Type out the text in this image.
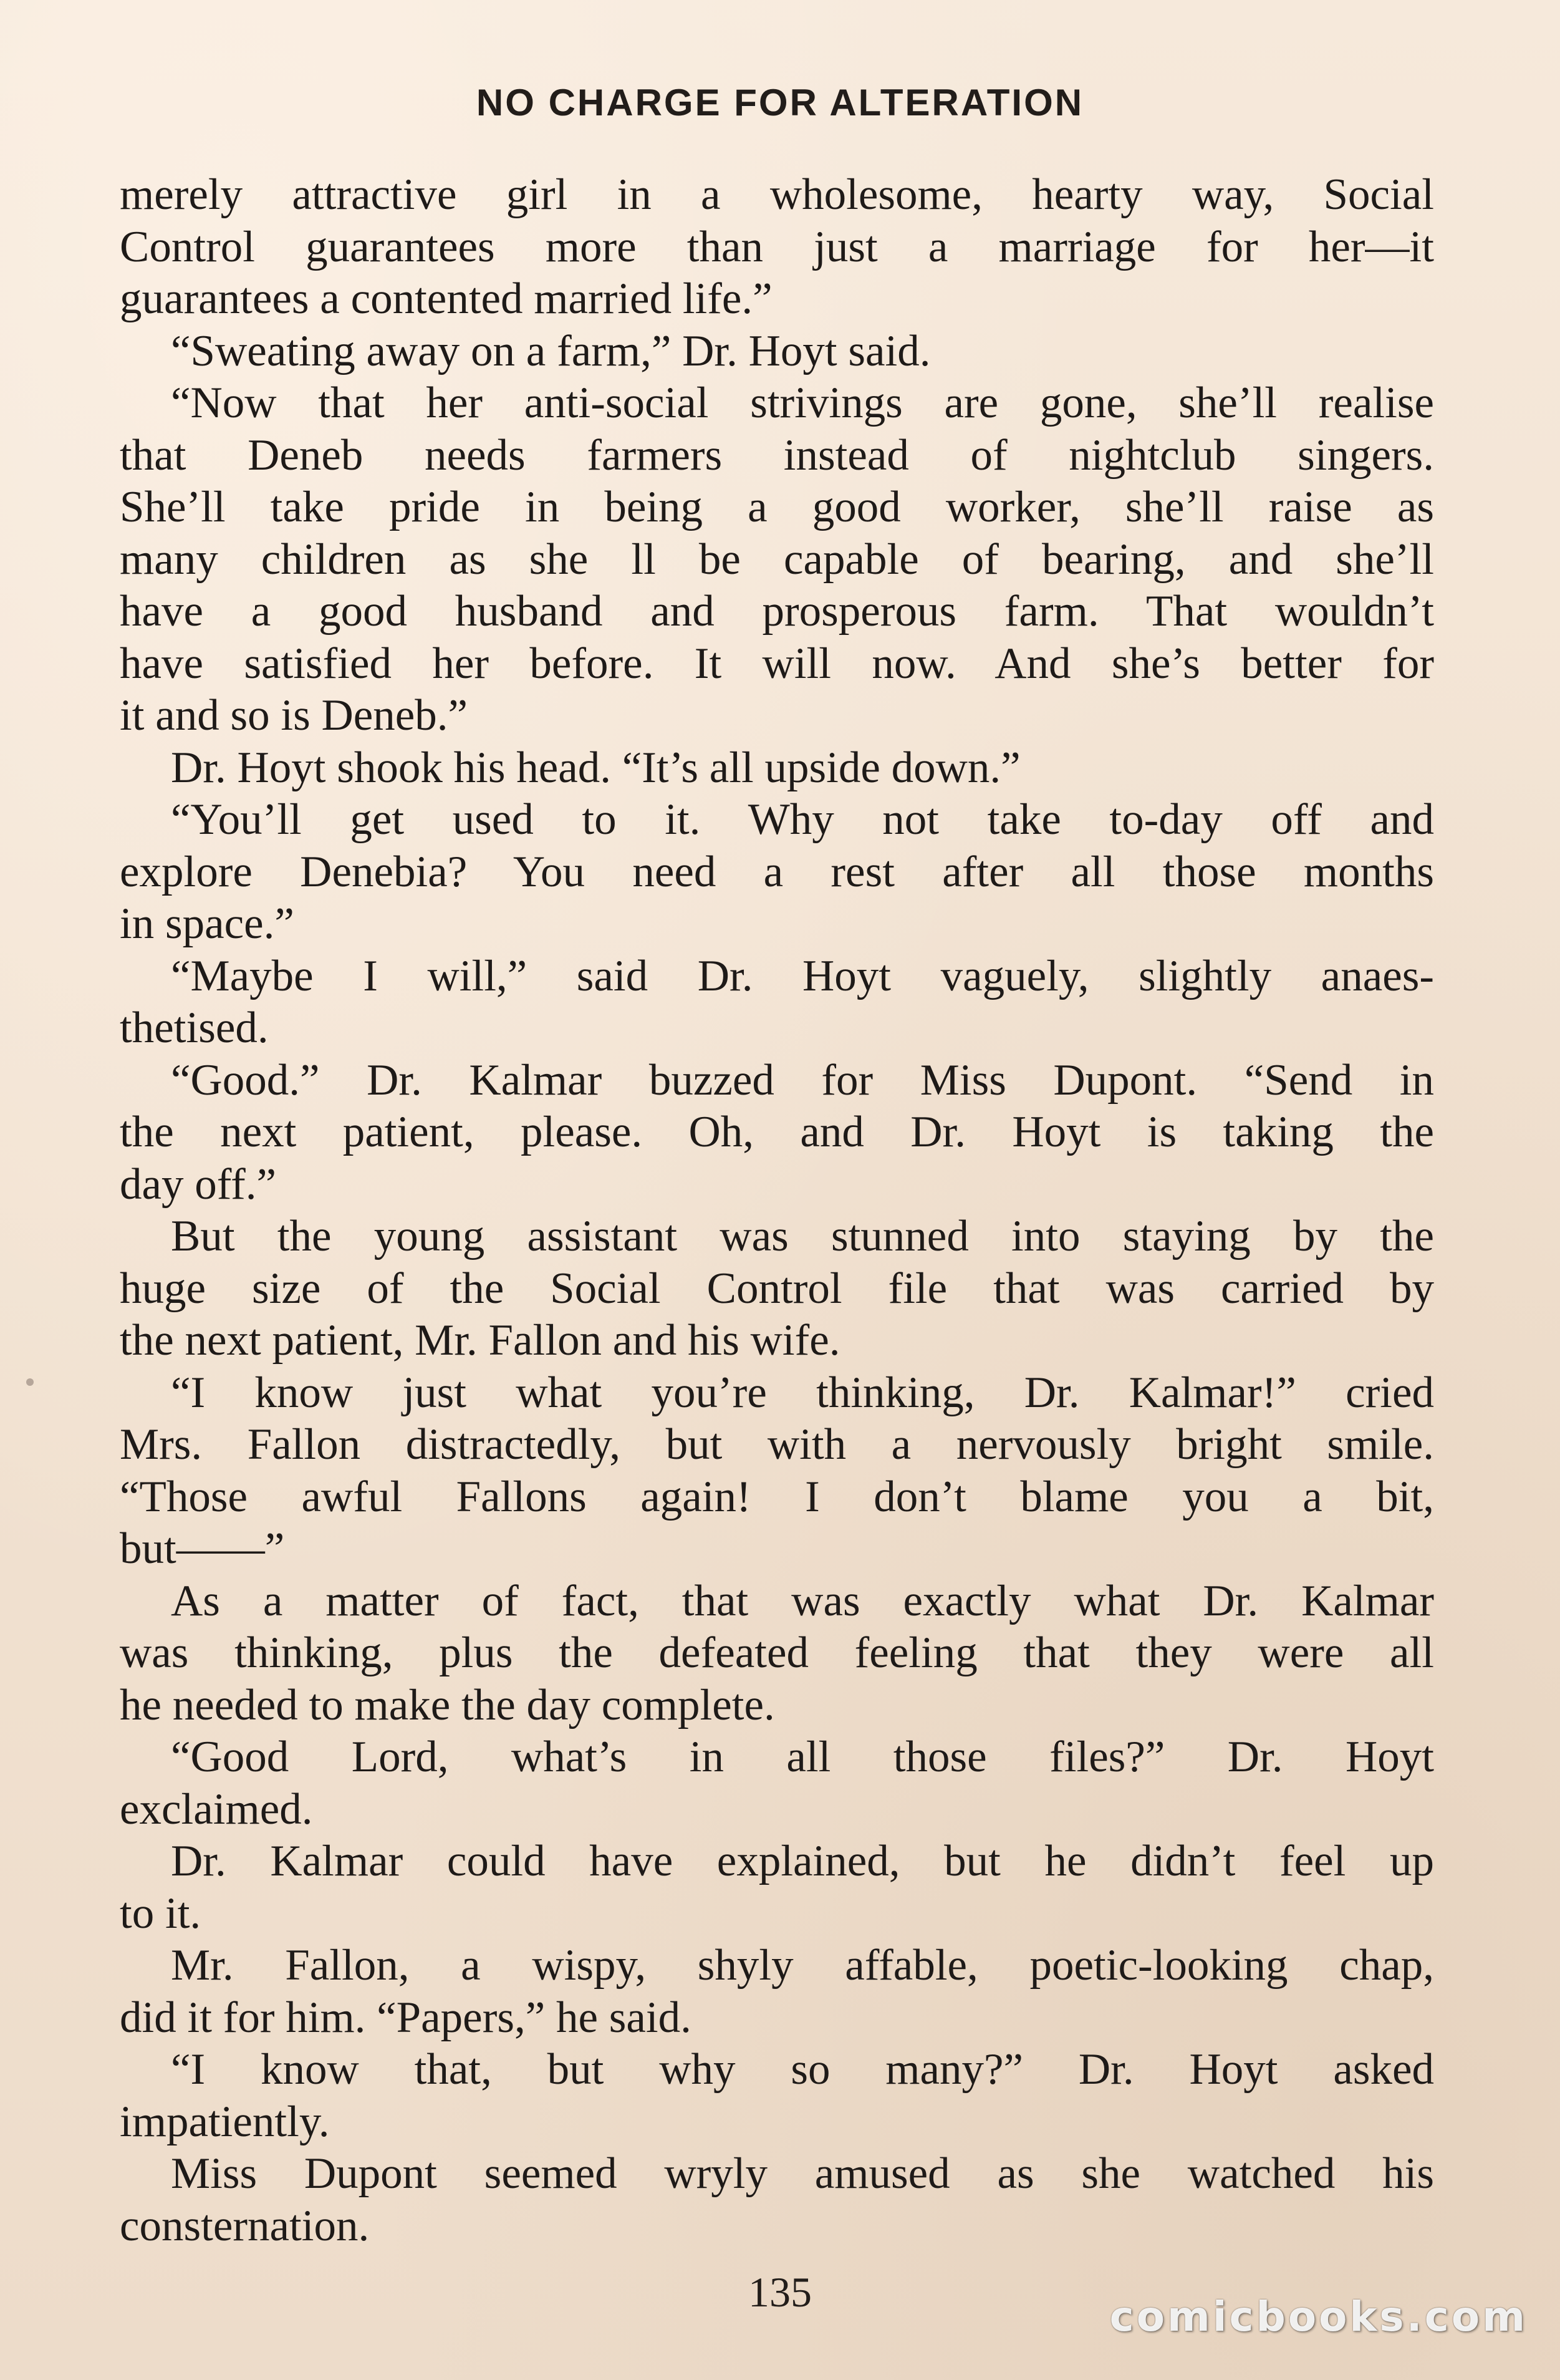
NO CHARGE FOR ALTERATION
merely attractive girl in a wholesome, hearty way, Social
Control guarantees more than just a marriage for her—it
guarantees a contented married life.”
“Sweating away on a farm,” Dr. Hoyt said.
“Now that her anti-social strivings are gone, she’ll realise
that Deneb needs farmers instead of nightclub singers.
She’ll take pride in being a good worker, she’ll raise as
many children as she ll be capable of bearing, and she’ll
have a good husband and prosperous farm. That wouldn’t
have satisfied her before. It will now. And she’s better for
it and so is Deneb.”
Dr. Hoyt shook his head. “It’s all upside down.”
“You’ll get used to it. Why not take to-day off and
explore Denebia? You need a rest after all those months
in space.”
“Maybe I will,” said Dr. Hoyt vaguely, slightly anaes-
thetised.
“Good.” Dr. Kalmar buzzed for Miss Dupont. “Send in
the next patient, please. Oh, and Dr. Hoyt is taking the
day off.”
But the young assistant was stunned into staying by the
huge size of the Social Control file that was carried by
the next patient, Mr. Fallon and his wife.
“I know just what you’re thinking, Dr. Kalmar!” cried
Mrs. Fallon distractedly, but with a nervously bright smile.
“Those awful Fallons again! I don’t blame you a bit,
but——”
As a matter of fact, that was exactly what Dr. Kalmar
was thinking, plus the defeated feeling that they were all
he needed to make the day complete.
“Good Lord, what’s in all those files?” Dr. Hoyt
exclaimed.
Dr. Kalmar could have explained, but he didn’t feel up
to it.
Mr. Fallon, a wispy, shyly affable, poetic-looking chap,
did it for him. “Papers,” he said.
“I know that, but why so many?” Dr. Hoyt asked
impatiently.
Miss Dupont seemed wryly amused as she watched his
consternation.
135
comicbooks.com
